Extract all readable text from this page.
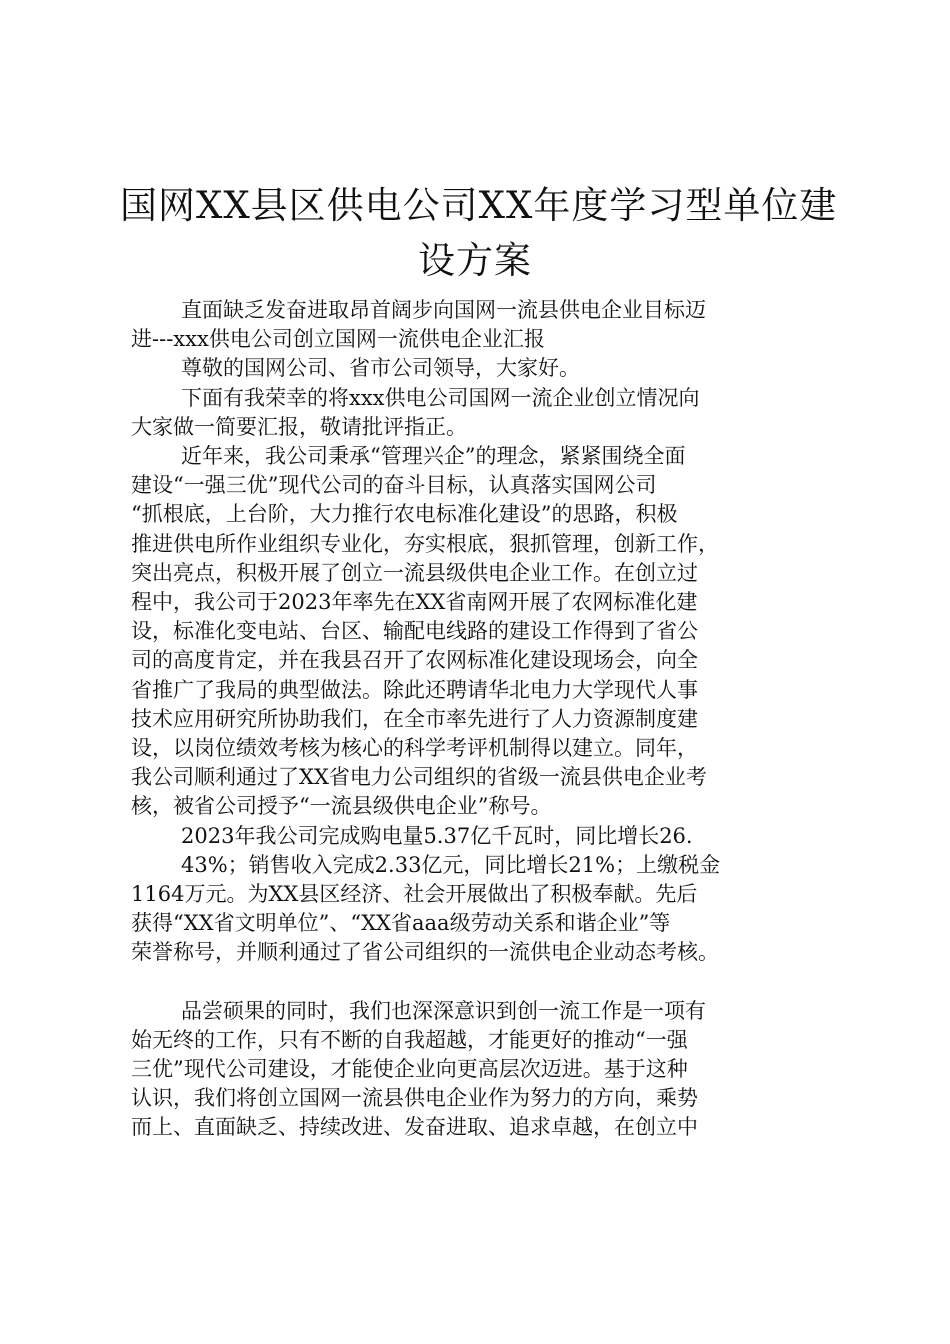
国网XX县区供电公司XX年度学习型单位建
设方案
直面缺乏发奋进取昂首阔步向国网一流县供电企业目标迈
进---xxx供电公司创立国网一流供电企业汇报
尊敬的国网公司、省市公司领导，大家好。
下面有我荣幸的将xxx供电公司国网一流企业创立情况向
大家做一简要汇报，敬请批评指正。
近年来，我公司秉承“管理兴企”的理念，紧紧围绕全面
建设“一强三优”现代公司的奋斗目标，认真落实国网公司
“抓根底，上台阶，大力推行农电标准化建设”的思路，积极
推进供电所作业组织专业化，夯实根底，狠抓管理，创新工作，
突出亮点，积极开展了创立一流县级供电企业工作。在创立过
程中，我公司于2023年率先在XX省南网开展了农网标准化建
设，标准化变电站、台区、输配电线路的建设工作得到了省公
司的高度肯定，并在我县召开了农网标准化建设现场会，向全
省推广了我局的典型做法。除此还聘请华北电力大学现代人事
技术应用研究所协助我们，在全市率先进行了人力资源制度建
设，以岗位绩效考核为核心的科学考评机制得以建立。同年，
我公司顺利通过了XX省电力公司组织的省级一流县供电企业考
核，被省公司授予“一流县级供电企业”称号。
2023年我公司完成购电量5.37亿千瓦时，同比增长26.
43%；销售收入完成2.33亿元，同比增长21%；上缴税金
1164万元。为XX县区经济、社会开展做出了积极奉献。先后
获得“XX省文明单位”、“XX省aaa级劳动关系和谐企业”等
荣誉称号，并顺利通过了省公司组织的一流供电企业动态考核。
品尝硕果的同时，我们也深深意识到创一流工作是一项有
始无终的工作，只有不断的自我超越，才能更好的推动“一强
三优”现代公司建设，才能使企业向更高层次迈进。基于这种
认识，我们将创立国网一流县供电企业作为努力的方向，乘势
而上、直面缺乏、持续改进、发奋进取、追求卓越，在创立中
